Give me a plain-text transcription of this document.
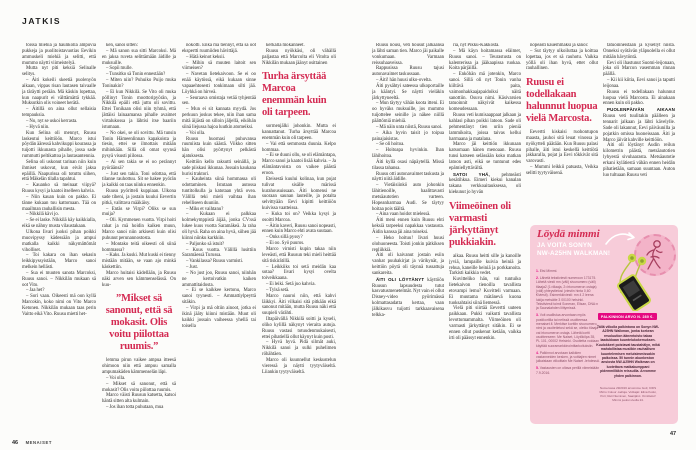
JATKIS

töissä miehiä ja haulikolla ampuvia pukkeja ja puolitoistavuotias Eevikin ammuskeli miehiä ja selitti, että mummo näytti viimeistelyä.

Mutta nyt piti keksiä Selinalle selitys.

– Äiti kokeili skeetiä puolenyön aikaan, vippas risan lautasen taivaalle ja täräytti perään. Mä käskin lopettaa, kun naapurit ei välttämättä tykkää. Muksutkin olis voineet herätä.

– Äitillä on aina ollut sellaisia tempauksia.

– No, nyt se uskoi kerrasta.

– Hyvä niin.

Kun Selina oli mennyt, Ruusu laskeutui keittiöön. Marco istui pöydän ääressä kahvikuppi kourassa ja tuijotti ikkunasta pihalle, jossa sade rummutti peltikattoa ja lautasantennia.

Selina oli uskonut tarinan niin kuin ihmiset uskovat, kun eivät jaksa epäillä. Naapurissa oli totuttu siihen, että Mäkelän tilalla tapahtui.

– Kauanko sä meinaat viipyä? Ruusu kysyi ja kaatoi itselleen kahvia.

– Niin kauan kuin on pakko. Ei tänne kukaan tuu kattomaan. Tää on maailman rauhallisin mesta.

– Nikkilä kävi jo.

– Se ei laske. Nikkilä käy kaikkialla, eikä se nähny musta vilaustakaan.

Ulkona Iivari juoksi pihan poikki muovipyssy kädessään ja ampui matkalla kaikki näkymättömät viholliset.

– Toi kakara on ihan sekasin leikkipyssyistään, Marco sanoi melkein hellästi.

– Sua ei muuten sanota Marcoksi, Ruusu sanoi. – Nikkilän mukaan sä oot Vito.

– Jaa het?

– Sori vaan. Oikeesti mä oon kyllä Marcokin, koko nimi on Vito Marco Ketonen. Nikkilän mukaan taas perin Vaitto eikä Vito. Ruusu mietti het-

ken, sanoi sitten:

– Mä sanon sua sitti Marcoksi. Mä en jaksa ruveta selittämään äidille ja muksuille.

– Sopii mulle.

– Tunsitko sä Tonin ennestään?

– Miten niin? Puhuiko Puijo muka Toninakin?

– Ei kun Nikkilä. Se Vito oli muka pöllinyt Tonin moottoripyörän, ja Nikkilä epäili että juttu oli sovittu. Ettei Tonikaan olisi niin tyhmä, että jättäisi lainaamansa pihalle avaimet virtalukossa ja lähtisi itse baariin istumaan.

– No okei, se oli sovittu. Mä tunsin Tonin Hämeenlinnan kapakoista ja tiesin, ettei se ilmottais mitään mihinkään. Sillä oli omat syynsä pysyä visusti piilossa.

– Ai sen takia se ei oo perännyt pyöräänsä?

– Just sen takia. Toni odottaa, että tilanne rauhottuu. Sit se hakee pyörän ja kaikki on taas niinku ennenkin.

Ruusu pyöritteli kuppiaan. Ulkona sade tiheni, ja jostain kuului Eevertin pitkä, valittava määkäisy.

– Entäs se Virpi? Oliks se sun muija?

– Oli. Kymmenen vuotta. Virpi hoiti rahat ja mä hoidin kaiken muun, Marco sanoi niin arkisesti kuin olisi puhunut perunannostosta.

– Montako teitä oikeesti oli siinä hommassa?

– Kaks. Ja kuski. Mut kuski ei tienny mistään mitään, se vaan ajo minkä käskettiin.

Marco huitaisi kädellään, ja Ruusu näki arven sen kämmenselässä. On kuu-

”Mikset sä sanonut, että sä mokasit. Olis voitu piilottaa ruumis.”

lemma pirun vaikee ampua itteesä ohimoon niin että ampuu samalla ampumakäden kämmenselän läpi.

– Voi olla.

– Mikset sä sanonut, että sä mokasit? Olis voitu piilottaa ruumis.

Marco väisti Ruusun katsetta, katsoi häntä sitten alta kulmain.

– Jos ihan totta puhutaan, mua

nokotti. Enkä mä tiennyt, että sä oot ekspertti ruumiiden hävittäjä.

– Hätä keinot keksii.

– Mihin sä muuten laitoit sen viimeisen?

– Navetan lietekaivoon. Se ei oo enää käytössä, eikä kukaan sinne vapaaehtosesti tonkimaan silti jää. Löyhkä on hirveä.

– Seuraava omistaja vetää tyhjentää sen.

– Mun ei sit kannata myydä. Jos perkuun joskus tekee, niin ihan sama mitä äijästä on silloin jäljellä, eiköhän siinä liejussa hajoa luutkin atomeiksi.

– Voi olla.

Ruusu huomasi puhuvansa ruumiista kuin säästä. Viikko sitten hän olisi pyörtynyt pelkästä ajatuksesta.

Keittiön kello raksutti seinällä, ja sade piiskasi ikkunaa. Jossain kaukana hurisi traktori.

– Kauheinta siinä hommassa oli odottaminen. Istutaan autossa tuntitolkulla ja katotaan yhtä ovea. Välillä teki mieli vaihtaa ihan rehelliseen duuniin.

– Miks et vaihtanu?

– Kukaan ei palkkaa kolmekymppistä äijää, jonka CV:ssä lukee kuus vuotta Saramäkeä. Ja raha oli hyvä. Raha on aina hyvä, siihen jää kiinni niinku karkkiin.

– Paljonko sä istuit?

– Kuus vuotta. Välillä lusittiin Saramäessä Turussa.

– Vankilassa? Ruusu varmisti.

– Just.

– No just joo, Ruusu sanoi, niinhän ne kertoivatkin kaiken ammattitaidosta.

– Ei se kaikkee kertonu, Marco sanoi tyynesti. – Ammattiylpeyttä sitäkin.

– Virpi ja mä oltiin ainoot, jotka ei ikinä jääty kiinni mistään. Muut oli kaikki jossain vaiheessa yhellä tai toisella

kerkalla mokanneet.

Ruusu nyökkäsi, oli vähällä paljastaa että Marcolta eli Vitolta oli Nikkilän mukaan jäänyt osittainen

Turha ärsyttää Marcoa enemmän kuin oli tarpeen.

sormenjälki johonkin. Mutta ei kannattanut. Turha ärsyttää Marcoa enemmän kuin oli tarpeen.

– Vai että semmosta duunia. Kelpo hommaa.

– Ei se duuni ollu, se oli elämäntapa, Marco sanoi ja kaatoi lisää kahvia. – Ja elämäntavoista on vaikee päästä eroon.

Eteisestä kuului kolinaa, kun pojat tulivat sisälle märissä kurahousuissaan. Äiti komensi ne suoraan saunan lauteille, ja potalta selvittyään Eevi kipitti keittiöön kuivissa vaatteissa.

– Kuka toi on? Veikka kysyi ja osoitti Marcoa.

– Äitin kaveri, Ruusu sanoi nopeasti, ennen kuin Marco ehti avata suutaan.

– Onks sillä pyssy?

– Ei oo. Syö puuros.

Marco virnisti kupin takaa niin leveästi, että Ruusun teki mieli heittää sitä tiskirätillä.

– Leikkiiks toi setä meidän kaa sotaa? Iivari kysyi ovelta toiveikkaana.

– Ei leiki. Setä juo kahvia.

– Tylsä setä.

Marco nauroi niin, että kahvi läikkyi. Äiti vilkaisi sitä pitkään eikä sanonut mitään, mutta Ruusu näki että suupieli värähti.

Iltapäivällä Nikkilä soitti ja kyseli, oliko kylillä näkynyt vieraita autoja. Ruusu vastasi totuudenmukaisesti, ettei pihatiellä ollut käynyt kuin posti.

– Hyvä hyvä. Pidä silmät auki, Nikkilä sanoi ja sulki puhelimen röhähtäen.

Marco oli kuunnellut keskustelun vieressä ja näytti tyytyväiseltä. Liiankin tyytyväiseltä.

Ruusu nousi, veti housut jalkaansa ja lähti saman tien. Marco jäi paikalle vonkumaan. Varmaan reissuhaaveissa.

Rappusissa Ruusu tajusi autonavaimet taskussaan.

– Äiti! hän huusi ulko-ovelta.

Äiti pysähtyi sateessa ulkoportaille ja kääntyi. Se näytti vieläkin järkyttyneeltä.

– Mun täytyy vähän koota itteni. Ei oo hyväks muksuille, jos mummo tuijottelee seinille ja näkee niillä päättömiä miehiä.

– Mä näin unta niistä, Ruusu sanoi.

– Aika hyvin taisit jo toipua painajaisistas.

– Se oli hoitoa.

– Hoitoapa hyvinkin. Ihan lähihoitoa.

Äiti kyllä osasi näpäytellä. Missä tilassa tahansa.

Ruusu otti autonavaimet taskusta ja näytti niitä äidille.

– Vietäisiinkö auto johonkin lähitienoille, haalittavasti metsäautotien varteen. Hopeanharmaa Audi. Se täytyy hoitaa pois täältä.

– Aina vaan hoidot mielessä.

Äiti meni ennen kuin Ruusu ehti keksiä tarpeeksi napakkaa vastausta. Äidin kanssa jäi aina toiseksi.

– Heko hoituu! Iivari huusi olohuoneesta. Toisti jonkin pätkiksen repliikkiä.

Äiti oli kaivanut jostain esiin vanhat puuhakirjat ja värikynät, ja keittiön pöytä oli täynnä tussattuja sankareita.

ÄITI OLI LÖYTÄNYT käyttöön Ruusun lapsuudesta tutut kasvatusmenetelmät. Nyt vain ei ollut Disney-video pyörimässä kolmattasadatta kertaa, vaan jälkikasvu tuijotti tarkkaavaisena telkka-

ria, nyt Pikku-Kakkosta.

– Mä käyn hoitamassa eläimet, Ruusu sanoi. – Teurastusta on kalenterissa ja jääkaapissa ruokaa. Koita pärjäillä.

– Enköhän mä jotenkin, Marco sanoi. Sillä oli nyt Tonin vanha kiiltävä paita, vaimonhakkaajapaidoiksi näitä sanottiin. Osuva nimi. Käsivarsien tatuoinnit näkyivät kaikessa komeudessaan.

Ruusu veti kumisaappaat jalkaan ja kahlasi pihan poikki latoon. Sade oli pehmentänyt tien uriin pieniä lammikoita, joissa taivas kellui harmaana ja matalana.

Marco jäi keittiön ikkunaan katsomaan hänen menoaan. Ruusu tunsi katseen selässään koko matkan latoon asti, eikä se tuntunut edes epämiellyttävältä.

SATOI YHÄ, pehmeästi kesätihkua. Eimeri kiekui kanalan takana verkkoaitauksessa, oli kiekunut jo hyvän

Viimeöinen oli varmasti järkyttänyt pukkiakin.

aikaa. Ruusu heitti sille ja kanoille jyviä, lampaille kuivia heiniä ja rehua, kaneille heiniä ja porkkanoita. Tarkisti kaikkia vedet.

Kuvitteliko hän, vai tuntuiko lietekaivon tienoilla tavallista etovampi lemu? Kuvitteli varmaan. Ei muutama mätänevä kuona tuoksahtaisi siinä liemessä.

Vielä piti siirtää Eevertti uuteen paikkaan. Pukki vaikutti tavallista levottomammalta. Viimeöinen oli varmasti järkyttänyt sitäkin. Ei se ennen ollut puskenut ketään, vaikka irti oli päässyt ennenkin.

nopeasti kauemmaksi ja sanoi:

– Sut täytyy ulkoiluttaa ja koittaa lopettaa, jos et sä rauhotu. Vaikka yöllä oli ihan hyvä, ettet ollut rauhallinen.

Ruusu ei todellakaan halunnut luopua vielä Marcosta.

Eevertti kiskaisi ruohontupon maasta, jauhoi sitä leuat vinossa ja nyökytteli päätään. Kun Ruusu palasi pihalle, äiti istui keskellä keittiötä jakkaralla, pojat ja Eevi tökkivät sitä varovasti.

– Mummi leikkii patsasta, Veikka selitti tyytyväisenä.

tatuoinneistaan ja kysellyt niistä. Onneksi syötävän yläpuolella ei ollut mitään hävytöntä.

Eevi oli ihastunut Suomi-leijonaan, joka oli Marcon vasemman rinnan päällä.

– Kii kii kiitia, Eevi sanoi ja taputti leijonaa.

Ruusu ei todellakaan halunnut luopua vielä Marcosta. Ei ainakaan ennen kuin oli pakko.

PUOLENPÄIVÄN AIKAAN Ruusu veti tuulitakin päälleen ja tennarit jalkaan ja lähti kävelylle. Sade oli lakannut, Eevi päiväunilla ja pojatkin omissa huoneissaan. Äiti ja Marco jäivät kahville keittiöön.

Äiti oli löytänyt Audin reilun kilometrin päästä, metsäautotien lyhyestä sivuhaarasta. Metsäautotie erkani kylätiestä vähän ennen heidän pihatietään, samaan suuntaan. Auton luo tultuaan Ruusu veti

Löydä mimmi
JA VOITA SONYN
NW-A25HN WALKMAN!

1. Etsi Mimmi.

2. Lähetä tekstiviesti numeroon 173175. Lähetä viesti mn (väli) sivunumero (väli) tilaaja2 (1=tilaaja, 2=irtonumeron ostaja) (väli) yhteystietosi (viestin hinta 0,60 €/viesti). Esimerkkiviesti: mn 4 2 leena lukija metsätie 3 00100 helsinki. Tekstiviesti toimii Soneran, Elisan, DNA:n ja Saunalahden liittymissä.

3. Voit osallistua arvontaan myös postikortilla tai netissä osoitteessa menaiset.fi. Merkitse korttiin sivunumero, nimi ja osoitetietosi sekä se, oletko tilaaja vai irtonumeron ostaja. Lähetä kortti osoitteeseen: Me Naiset, Löytökilpa 35, PL 101, 00002 Helsinki. Osoitetta voidaan käyttää suoramarkkinointitarkoituksiin.

4. Palkinnot arvotaan kaikkien vastanneiden kesken, ja voittajien nimet julkaistaan viikoittain Me Naiset -lehdessä.

5. Vastausten on oltava perillä viimeistään 7.9.2016.

PALKINNON ARVO N. 280 €.
Tällä viikolla palkintona on Sonyn NW-A25HN Walkman, jonka korkean resoluution äänentoisto takaa laadukkaan kuuntelukokemuksen. Kuulokkeet poistavat taustahälyn, mikä mahdollistaa musiikin rauhallisen kuuntelemisen meluisimmissakin paikoissa. 50 tunnin akunkeston ansiosta NW-A25HN Walkman on luotettava matkakumppani pidemmilläkin reissuilla. Arvomme yhden palkinnon.
Numerossa 29/2016 arvoimme Go3, KIDS Micro Colour -kelloja. Voittajat: Elina Koski, Pori; Reti Nieminen, Saarijärvi. Onnittelut! Mimmi juoksi sivulla 24.
46 MENAISET
47
